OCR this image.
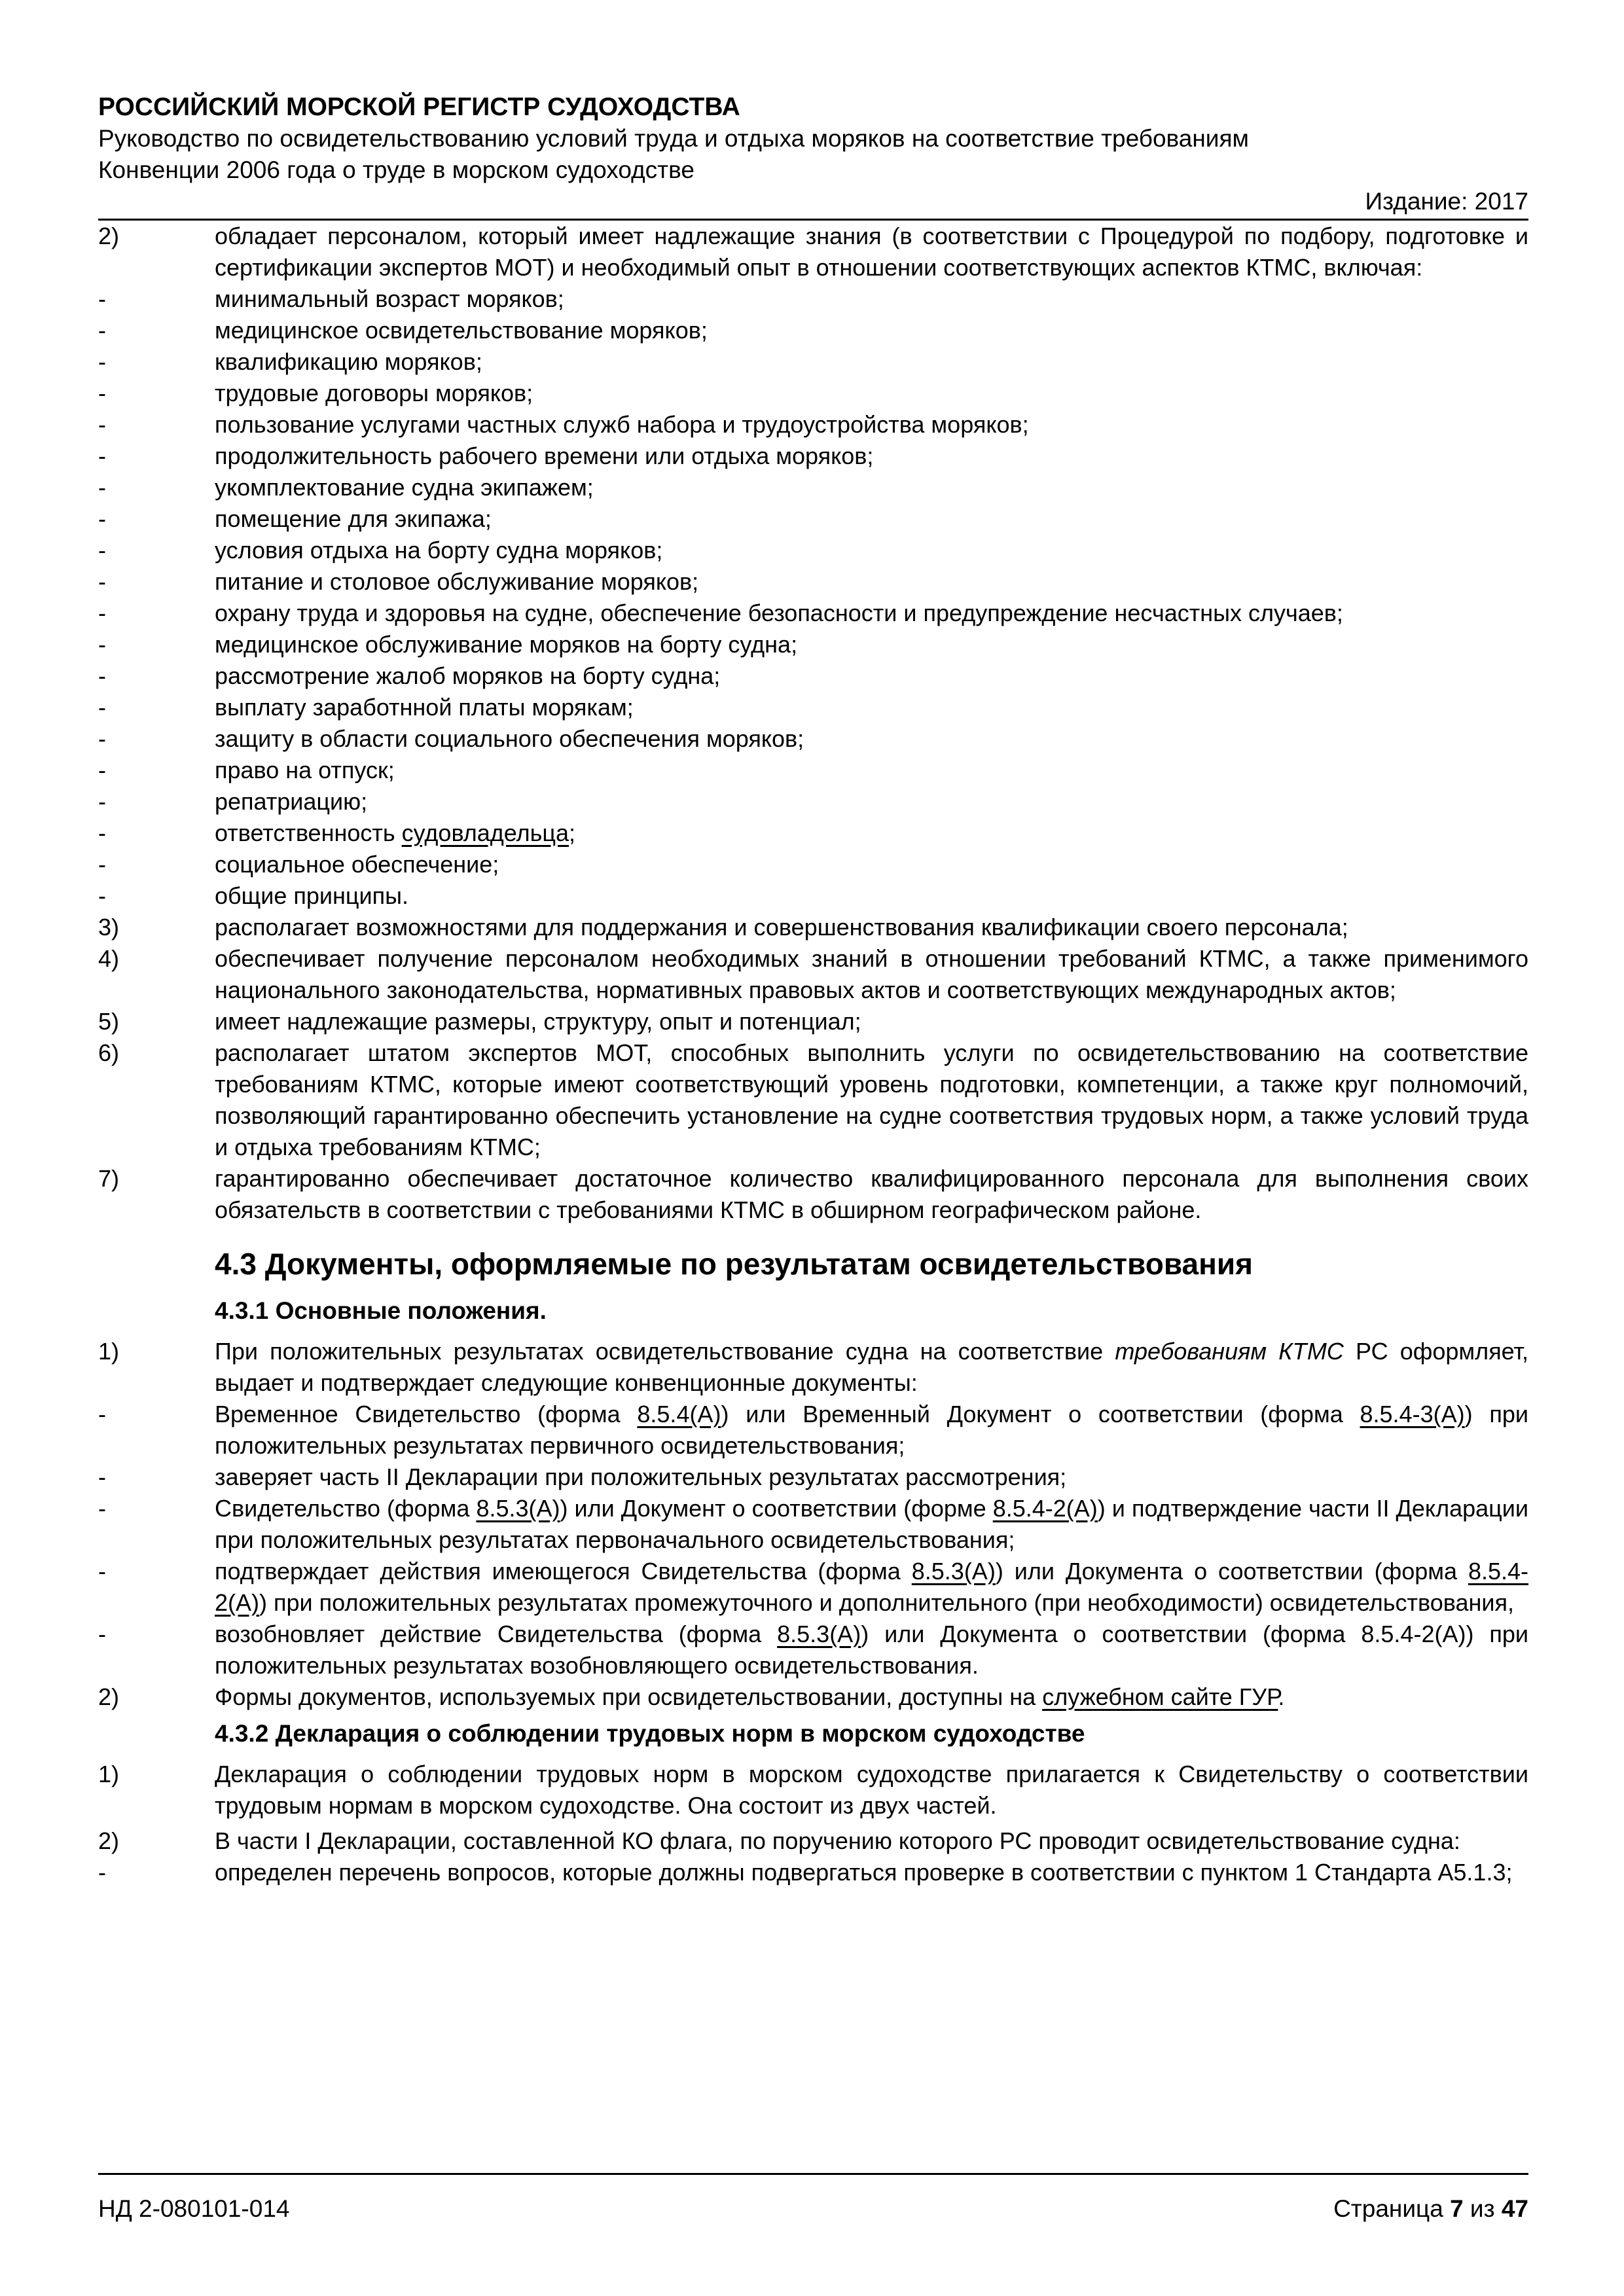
РОССИЙСКИЙ МОРСКОЙ РЕГИСТР СУДОХОДСТВА
Руководство по освидетельствованию условий труда и отдыха моряков на соответствие требованиям
Конвенции 2006 года о труде в морском судоходстве
Издание: 2017
2)	обладает персоналом, который имеет надлежащие знания (в соответствии с Процедурой по подбору, подготовке и сертификации экспертов МОТ) и необходимый опыт в отношении соответствующих аспектов КТМС, включая:
-	минимальный возраст моряков;
-	медицинское освидетельствование моряков;
-	квалификацию моряков;
-	трудовые договоры моряков;
-	пользование услугами частных служб набора и трудоустройства моряков;
-	продолжительность рабочего времени или отдыха моряков;
-	укомплектование судна экипажем;
-	помещение для экипажа;
-	условия отдыха на борту судна моряков;
-	питание и столовое обслуживание моряков;
-	охрану труда и здоровья на судне, обеспечение безопасности и предупреждение несчастных случаев;
-	медицинское обслуживание моряков на борту судна;
-	рассмотрение жалоб моряков на борту судна;
-	выплату заработнной платы морякам;
-	защиту в области социального обеспечения моряков;
-	право на отпуск;
-	репатриацию;
-	ответственность судовладельца;
-	социальное обеспечение;
-	общие принципы.
3)	располагает возможностями для поддержания и совершенствования квалификации своего персонала;
4)	обеспечивает получение персоналом необходимых знаний в отношении требований КТМС, а также применимого национального законодательства, нормативных правовых актов и соответствующих международных актов;
5)	имеет надлежащие размеры, структуру, опыт и потенциал;
6)	располагает штатом экспертов МОТ, способных выполнить услуги по освидетельствованию на соответствие требованиям КТМС, которые имеют соответствующий уровень подготовки, компетенции, а также круг полномочий, позволяющий гарантированно обеспечить установление на судне соответствия трудовых норм, а также условий труда и отдыха требованиям КТМС;
7)	гарантированно обеспечивает достаточное количество квалифицированного персонала для выполнения своих обязательств в соответствии с требованиями КТМС в обширном географическом районе.
4.3 Документы, оформляемые по результатам освидетельствования
4.3.1 Основные положения.
1)	При положительных результатах освидетельствование судна на соответствие требованиям КТМС РС оформляет, выдает и подтверждает следующие конвенционные документы:
-	Временное Свидетельство (форма 8.5.4(А)) или Временный Документ о соответствии (форма 8.5.4-3(А)) при положительных результатах первичного освидетельствования;
-	заверяет часть II Декларации при положительных результатах рассмотрения;
-	Свидетельство (форма 8.5.3(А)) или Документ о соответствии (форме 8.5.4-2(А)) и подтверждение части II Декларации при положительных результатах первоначального освидетельствования;
-	подтверждает действия имеющегося Свидетельства (форма 8.5.3(А)) или Документа о соответствии (форма 8.5.4-2(А)) при положительных результатах промежуточного и дополнительного (при необходимости) освидетельствования,
-	возобновляет действие Свидетельства (форма 8.5.3(А)) или Документа о соответствии (форма 8.5.4-2(А)) при положительных результатах возобновляющего освидетельствования.
2)	Формы документов, используемых при освидетельствовании, доступны на служебном сайте ГУР.
4.3.2 Декларация о соблюдении трудовых норм в морском судоходстве
1)	Декларация о соблюдении трудовых норм в морском судоходстве прилагается к Свидетельству о соответствии трудовым нормам в морском судоходстве. Она состоит из двух частей.
2)	В части I Декларации, составленной КО флага, по поручению которого РС проводит освидетельствование судна:
-	определен перечень вопросов, которые должны подвергаться проверке в соответствии с пунктом 1 Стандарта А5.1.3;
НД 2-080101-014	Страница 7 из 47
